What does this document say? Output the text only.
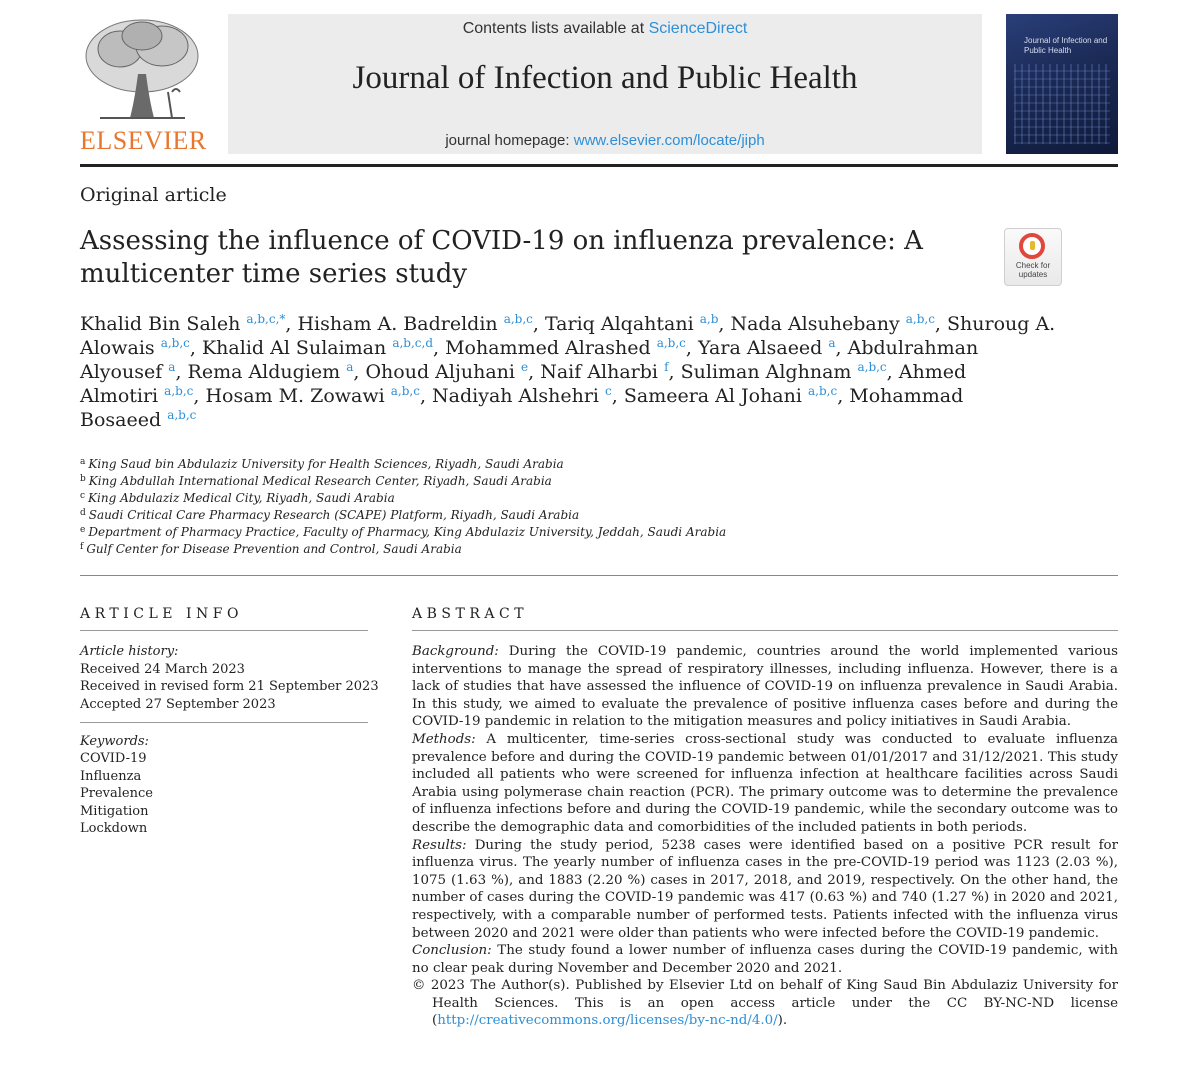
ELSEVIER
Contents lists available at ScienceDirect
Journal of Infection and Public Health
journal homepage: www.elsevier.com/locate/jiph
Journal of Infection and Public Health
Original article
Assessing the influence of COVID-19 on influenza prevalence: A multicenter time series study	Check for updates
Khalid Bin Saleh $^{a,b,c,*}$, Hisham A. Badreldin $^{a,b,c}$, Tariq Alqahtani $^{a,b}$, Nada Alsuhebany $^{a,b,c}$, Shuroug A. Alowais $^{a,b,c}$, Khalid Al Sulaiman $^{a,b,c,d}$, Mohammed Alrashed $^{a,b,c}$, Yara Alsaeed $^a$, Abdulrahman Alyousef $^a$, Rema Aldugiem $^a$, Ohoud Aljuhani $^e$, Naif Alharbi $^f$, Suliman Alghnam $^{a,b,c}$, Ahmed Almotiri $^{a,b,c}$, Hosam M. Zowawi $^{a,b,c}$, Nadiyah Alshehri $^c$, Sameera Al Johani $^{a,b,c}$, Mohammad Bosaeed $^{a,b,c}$
$^a$ King Saud bin Abdulaziz University for Health Sciences, Riyadh, Saudi Arabia
$^b$ King Abdullah International Medical Research Center, Riyadh, Saudi Arabia
$^c$ King Abdulaziz Medical City, Riyadh, Saudi Arabia
$^d$ Saudi Critical Care Pharmacy Research (SCAPE) Platform, Riyadh, Saudi Arabia
$^e$ Department of Pharmacy Practice, Faculty of Pharmacy, King Abdulaziz University, Jeddah, Saudi Arabia
$^f$ Gulf Center for Disease Prevention and Control, Saudi Arabia
ARTICLE INFO
Article history:
Received 24 March 2023
Received in revised form 21 September 2023
Accepted 27 September 2023
Keywords:
COVID-19
Influenza
Prevalence
Mitigation
Lockdown
ABSTRACT

Background: During the COVID-19 pandemic, countries around the world implemented various interventions to manage the spread of respiratory illnesses, including influenza. However, there is a lack of studies that have assessed the influence of COVID-19 on influenza prevalence in Saudi Arabia. In this study, we aimed to evaluate the prevalence of positive influenza cases before and during the COVID-19 pandemic in relation to the mitigation measures and policy initiatives in Saudi Arabia.

Methods: A multicenter, time-series cross-sectional study was conducted to evaluate influenza prevalence before and during the COVID-19 pandemic between 01/01/2017 and 31/12/2021. This study included all patients who were screened for influenza infection at healthcare facilities across Saudi Arabia using polymerase chain reaction (PCR). The primary outcome was to determine the prevalence of influenza infections before and during the COVID-19 pandemic, while the secondary outcome was to describe the demographic data and comorbidities of the included patients in both periods.

Results: During the study period, 5238 cases were identified based on a positive PCR result for influenza virus. The yearly number of influenza cases in the pre-COVID-19 period was 1123 (2.03 %), 1075 (1.63 %), and 1883 (2.20 %) cases in 2017, 2018, and 2019, respectively. On the other hand, the number of cases during the COVID-19 pandemic was 417 (0.63 %) and 740 (1.27 %) in 2020 and 2021, respectively, with a comparable number of performed tests. Patients infected with the influenza virus between 2020 and 2021 were older than patients who were infected before the COVID-19 pandemic.

Conclusion: The study found a lower number of influenza cases during the COVID-19 pandemic, with no clear peak during November and December 2020 and 2021.

© 2023 The Author(s). Published by Elsevier Ltd on behalf of King Saud Bin Abdulaziz University for Health Sciences. This is an open access article under the CC BY-NC-ND license (http://creativecommons.org/licenses/by-nc-nd/4.0/).
